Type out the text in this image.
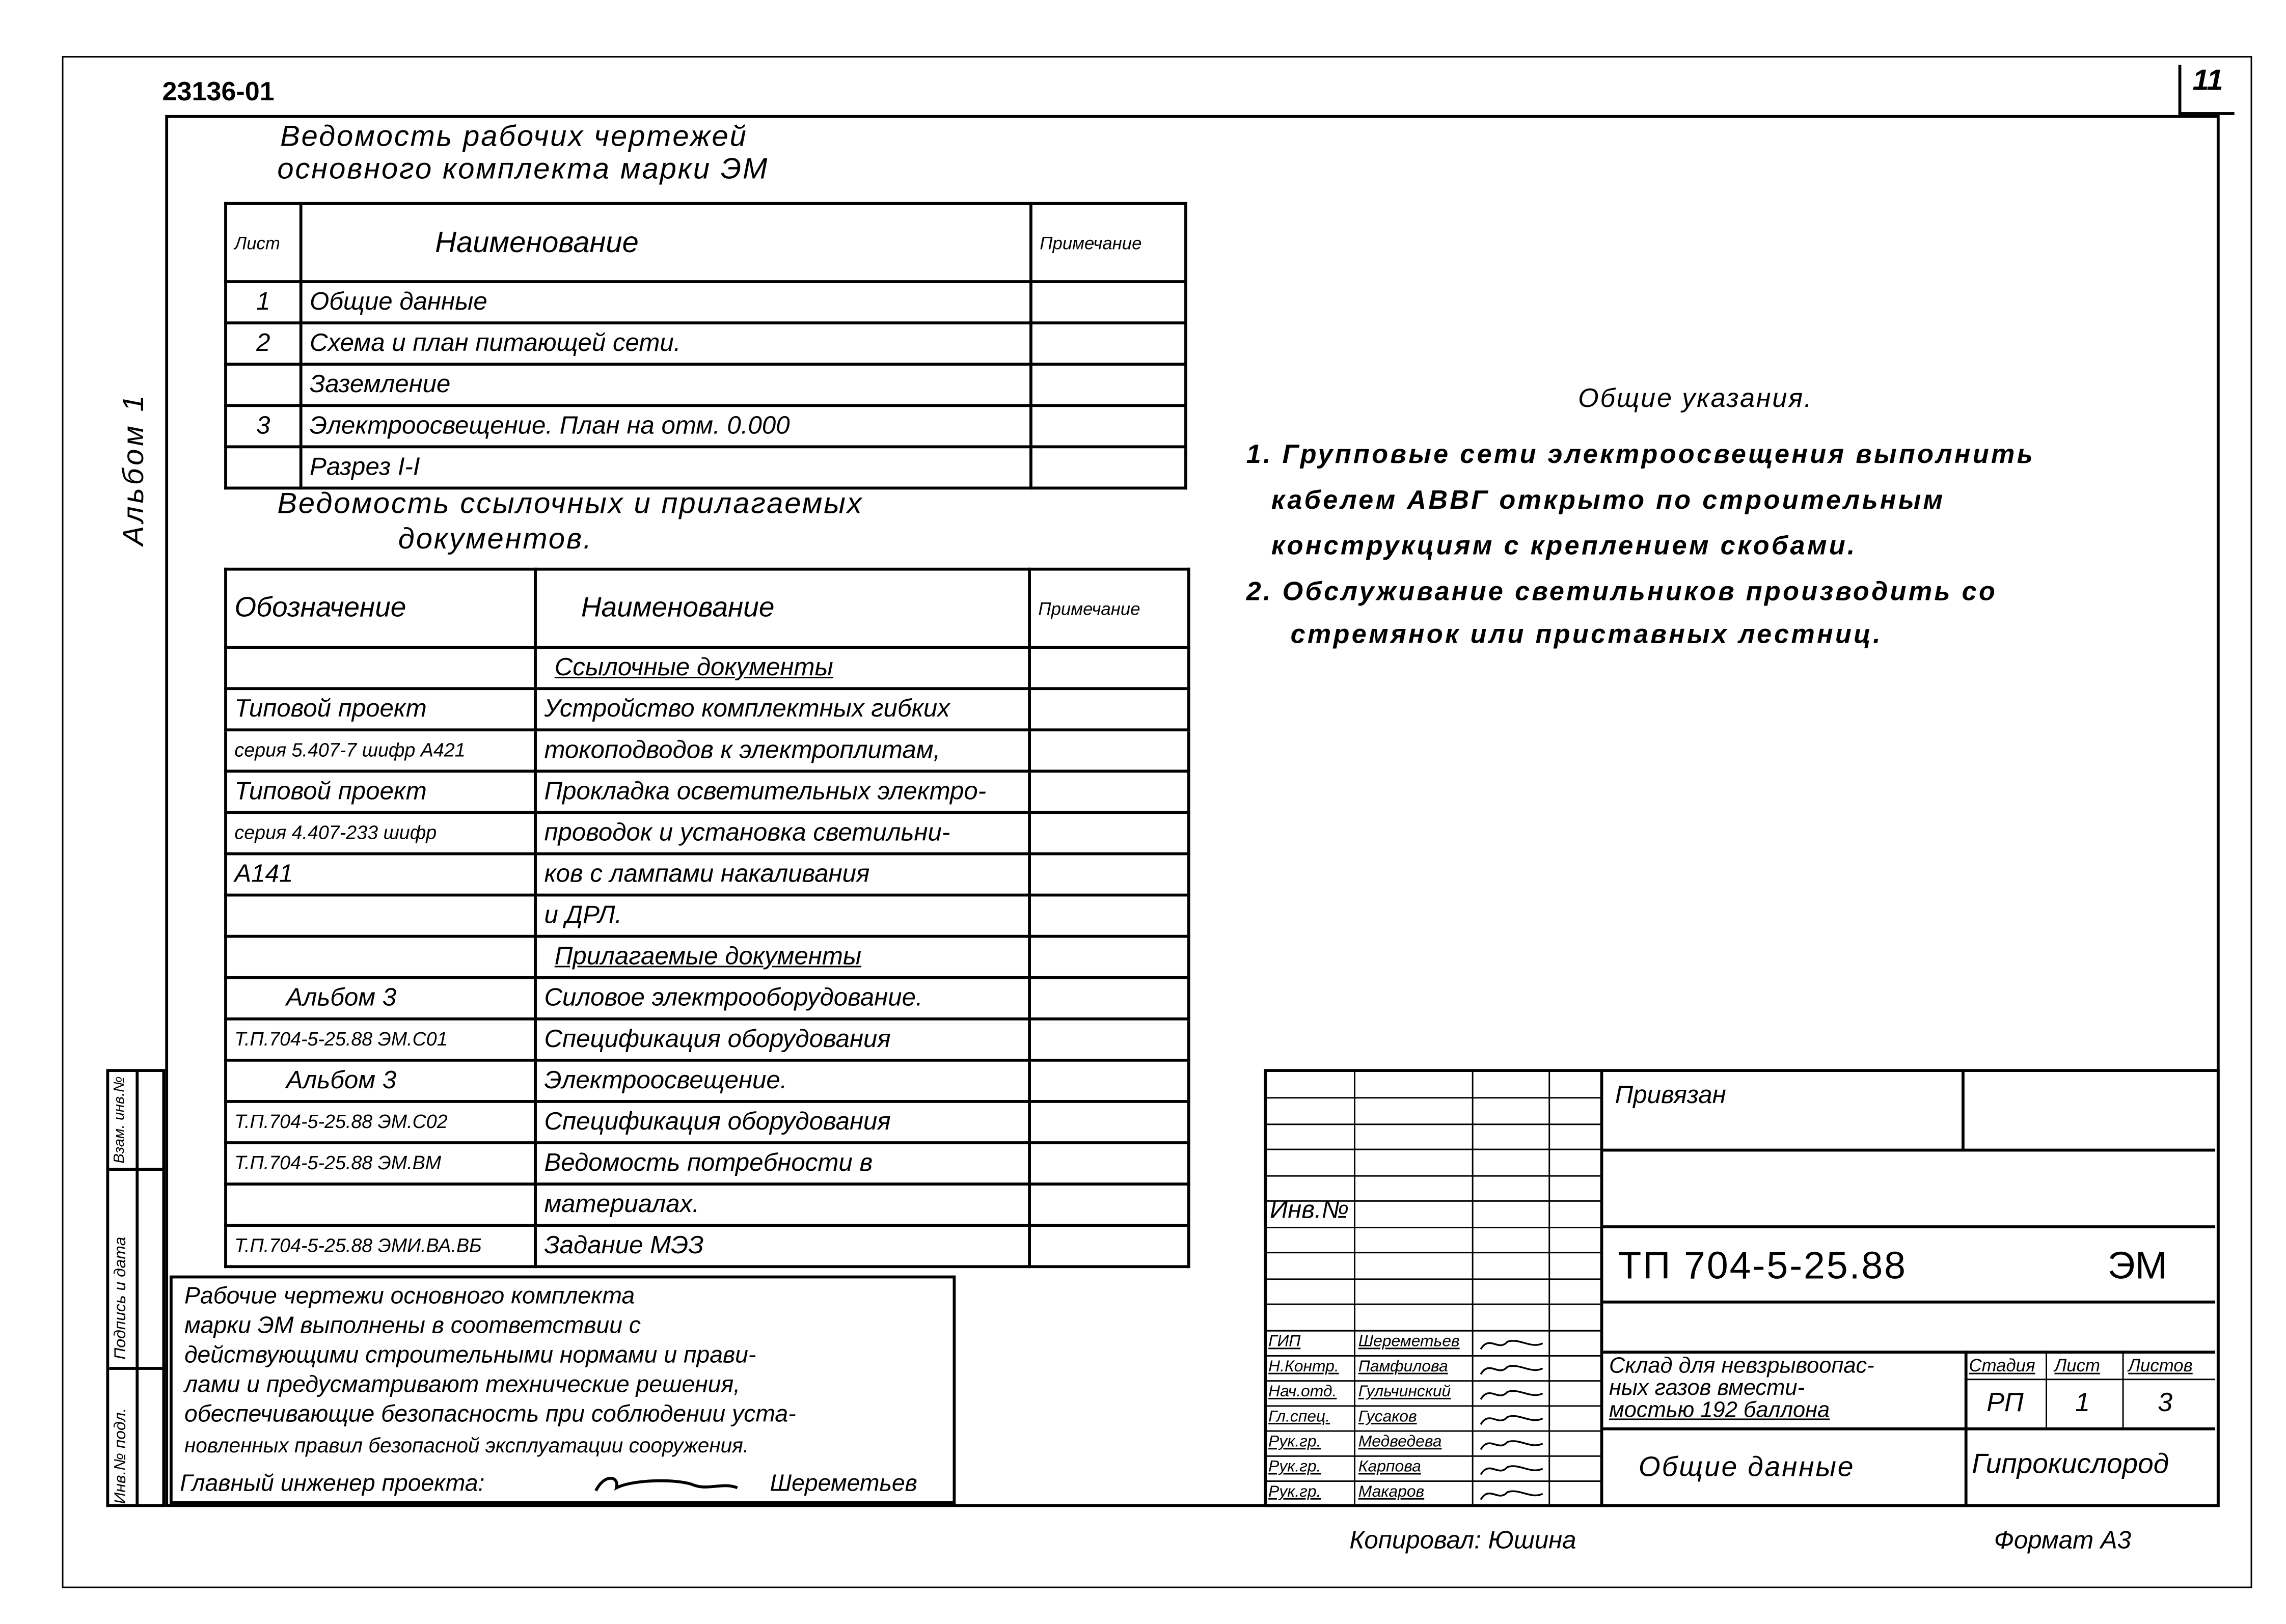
23136-01	11
Альбом 1
Ведомость рабочих чертежей
основного комплекта марки ЭМ
Лист	Наименование	Примечание
1	Общие данные	
2	Схема и план питающей сети.	
	Заземление	
3	Электроосвещение. План на отм. 0.000	
	Разрез I-I	
Ведомость ссылочных и прилагаемых
документов.
Обозначение	Наименование	Примечание
	Ссылочные документы	
Типовой проект	Устройство комплектных гибких	
серия 5.407-7 шифр А421	токоподводов к электроплитам,	
Типовой проект	Прокладка осветительных электро-	
серия 4.407-233 шифр	проводок и установка светильни-	
А141	ков с лампами накаливания	
	и ДРЛ.	
	Прилагаемые документы	
Альбом 3	Силовое электрооборудование.	
Т.П.704-5-25.88 ЭМ.С01	Спецификация оборудования	
Альбом 3	Электроосвещение.	
Т.П.704-5-25.88 ЭМ.С02	Спецификация оборудования	
Т.П.704-5-25.88 ЭМ.ВМ	Ведомость потребности в	
	материалах.	
Т.П.704-5-25.88 ЭМИ.ВА.ВБ	Задание МЭЗ	
Рабочие чертежи основного комплекта
марки ЭМ выполнены в соответствии с
действующими строительными нормами и прави-
лами и предусматривают технические решения,
обеспечивающие безопасность при соблюдении уста-
новленных правил безопасной эксплуатации сооружения.
Главный инженер проекта:	Шереметьев
Общие указания.
1. Групповые сети электроосвещения выполнить
кабелем АВВГ открыто по строительным
конструкциям с креплением скобами.
2. Обслуживание светильников производить со
стремянок или приставных лестниц.
Инв.№ подл.
Подпись и дата
Взам. инв.№
Инв.№
ГИП	Шереметьев
Н.Контр.	Памфилова
Нач.отд.	Гульчинский
Гл.спец.	Гусаков
Рук.гр.	Медведева
Рук.гр.	Карпова
Рук.гр.	Макаров
Привязан
ТП 704-5-25.88	ЭМ
Склад для невзрывоопас-
ных газов вмести-
мостью 192 баллона
Стадия	Лист	Листов
РП	1	3
Общие данные	Гипрокислород
Копировал: Юшина	Формат А3
